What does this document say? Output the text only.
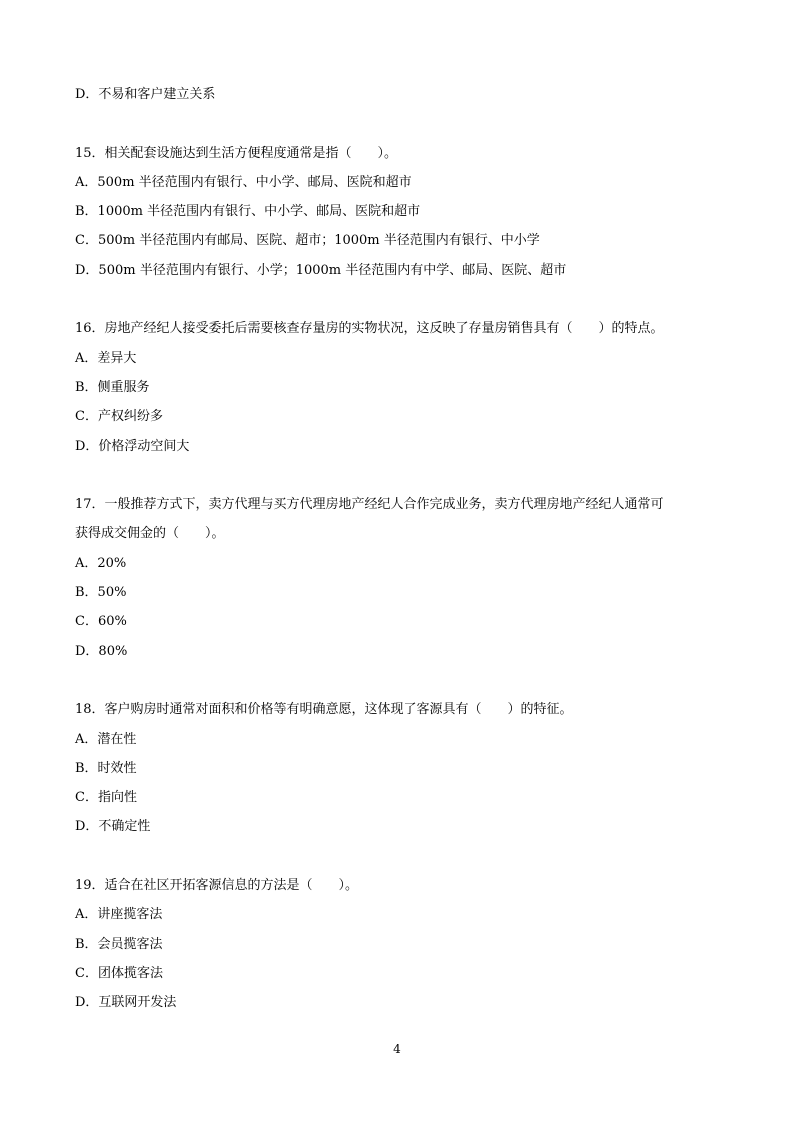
D．不易和客户建立关系
15．相关配套设施达到生活方便程度通常是指（　　）。
A．500m 半径范围内有银行、中小学、邮局、医院和超市
B．1000m 半径范围内有银行、中小学、邮局、医院和超市
C．500m 半径范围内有邮局、医院、超市；1000m 半径范围内有银行、中小学
D．500m 半径范围内有银行、小学；1000m 半径范围内有中学、邮局、医院、超市
16．房地产经纪人接受委托后需要核查存量房的实物状况，这反映了存量房销售具有（　　）的特点。
A．差异大
B．侧重服务
C．产权纠纷多
D．价格浮动空间大
17．一般推荐方式下，卖方代理与买方代理房地产经纪人合作完成业务，卖方代理房地产经纪人通常可
获得成交佣金的（　　）。
A．20%
B．50%
C．60%
D．80%
18．客户购房时通常对面积和价格等有明确意愿，这体现了客源具有（　　）的特征。
A．潜在性
B．时效性
C．指向性
D．不确定性
19．适合在社区开拓客源信息的方法是（　　）。
A．讲座揽客法
B．会员揽客法
C．团体揽客法
D．互联网开发法
4
